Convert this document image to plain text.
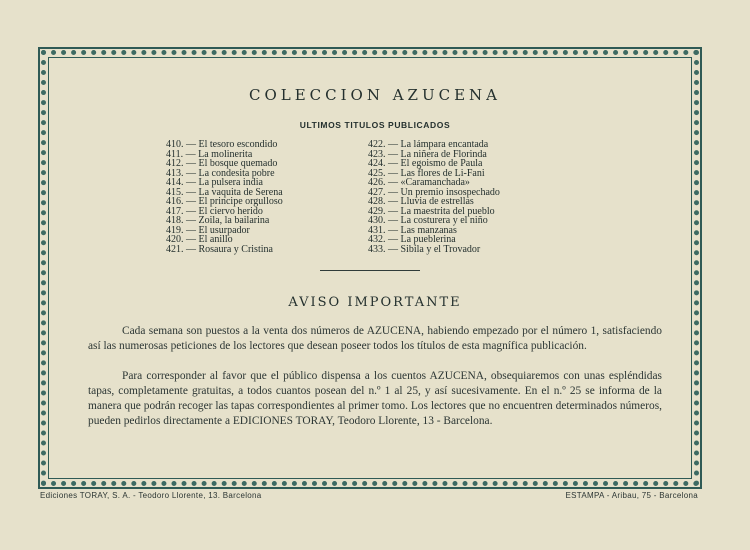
COLECCION AZUCENA
ULTIMOS TITULOS PUBLICADOS
410. — El tesoro escondido
411. — La molinerita
412. — El bosque quemado
413. — La condesita pobre
414. — La pulsera india
415. — La vaquita de Serena
416. — El principe orgulloso
417. — El ciervo herido
418. — Zoila, la bailarina
419. — El usurpador
420. — El anillo
421. — Rosaura y Cristina
422. — La lámpara encantada
423. — La niñera de Florinda
424. — El egoismo de Paula
425. — Las flores de Li-Fani
426. — «Caramanchada»
427. — Un premio insospechado
428. — Lluvia de estrellas
429. — La maestrita del pueblo
430. — La costurera y el niño
431. — Las manzanas
432. — La pueblerina
433. — Sibila y el Trovador
AVISO IMPORTANTE

Cada semana son puestos a la venta dos números de AZUCENA, habiendo empezado por el número 1, satisfaciendo así las numerosas peticiones de los lectores que desean poseer todos los títulos de esta magnífica publicación.

Para corresponder al favor que el público dispensa a los cuentos AZUCENA, obsequiaremos con unas espléndidas tapas, completamente gratuitas, a todos cuantos posean del n.º 1 al 25, y así sucesivamente. En el n.º 25 se informa de la manera que podrán recoger las tapas correspondientes al primer tomo. Los lectores que no encuentren determinados números, pueden pedirlos directamente a EDICIONES TORAY, Teodoro Llorente, 13 - Barcelona.

Ediciones TORAY, S. A. - Teodoro Llorente, 13. Barcelona	ESTAMPA - Aribau, 75 - Barcelona
